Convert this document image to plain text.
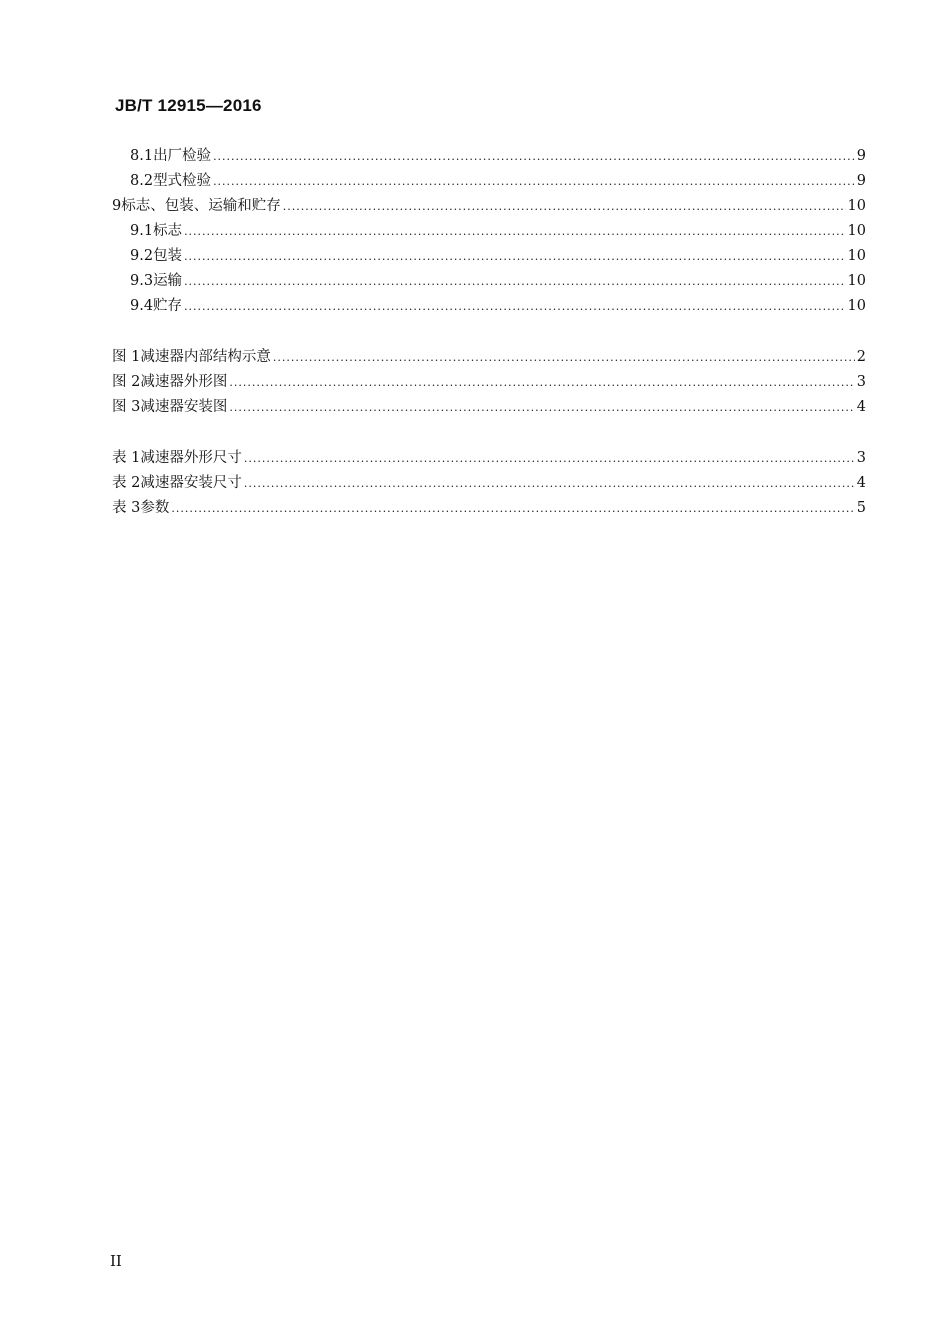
JB/T 12915—2016
8.1 出厂检验 .....	9
8.2 型式检验 .....	9
9 标志、包装、运输和贮存 .....	10
9.1 标志 .....	10
9.2 包装 .....	10
9.3 运输 .....	10
9.4 贮存 .....	10
图 1 减速器内部结构示意 .....	2
图 2 减速器外形图 .....	3
图 3 减速器安装图 .....	4
表 1 减速器外形尺寸 .....	3
表 2 减速器安装尺寸 .....	4
表 3 参数 .....	5
II
